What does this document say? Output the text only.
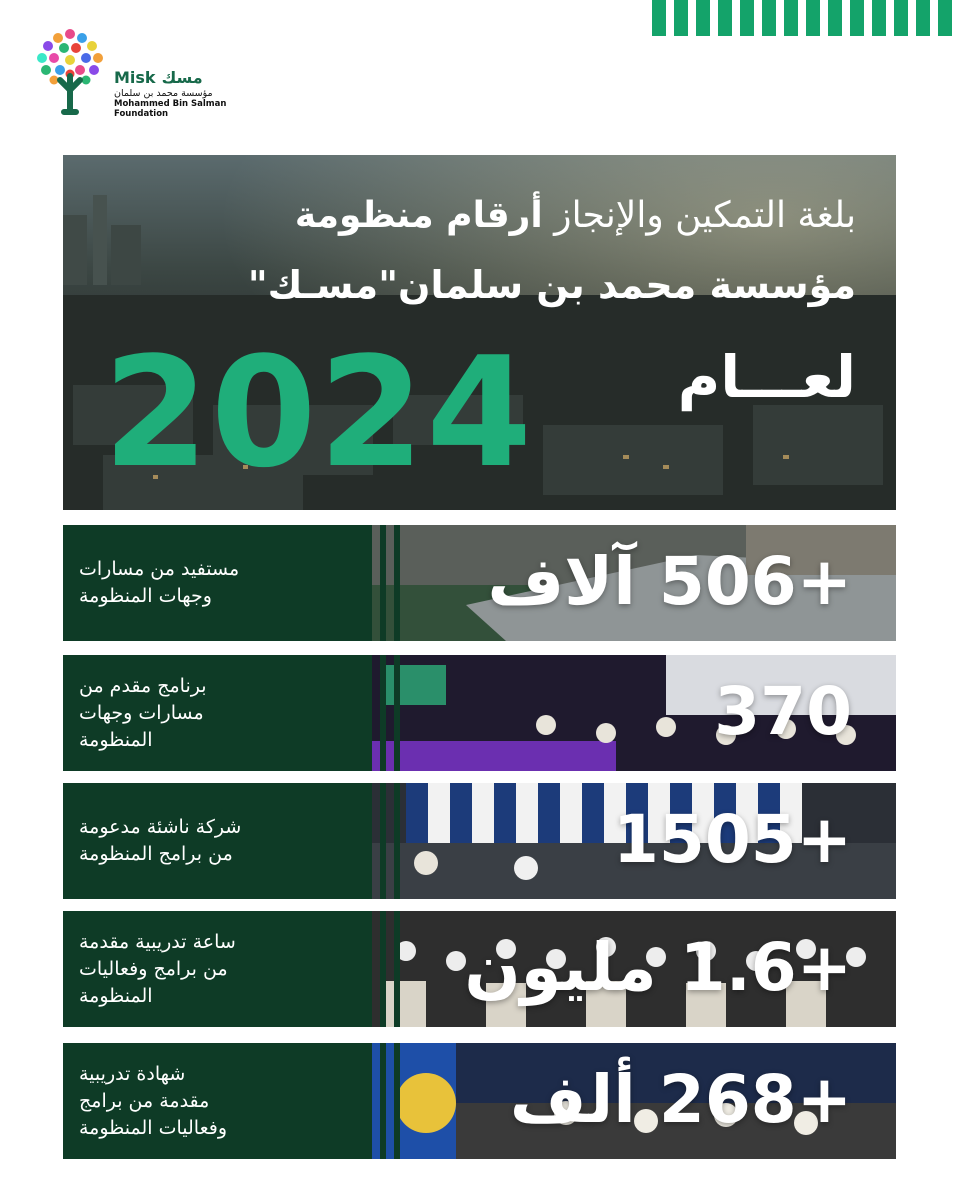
Misk مسك
مؤسسة محمد بن سلمان
Mohammed Bin Salman
Foundation
بلغة التمكين والإنجاز أرقام منظومة
مؤسسة محمد بن سلمان"مسـك"
لعـــام
2024
مستفيد من مسارات
وجهات المنظومة	+506 آلاف
برنامج مقدم من
مسارات وجهات
المنظومة	370
شركة ناشئة مدعومة
من برامج المنظومة	+1505
ساعة تدريبية مقدمة
من برامج وفعاليات
المنظومة	+1.6 مليون
شهادة تدريبية
مقدمة من برامج
وفعاليات المنظومة	+268 ألف
